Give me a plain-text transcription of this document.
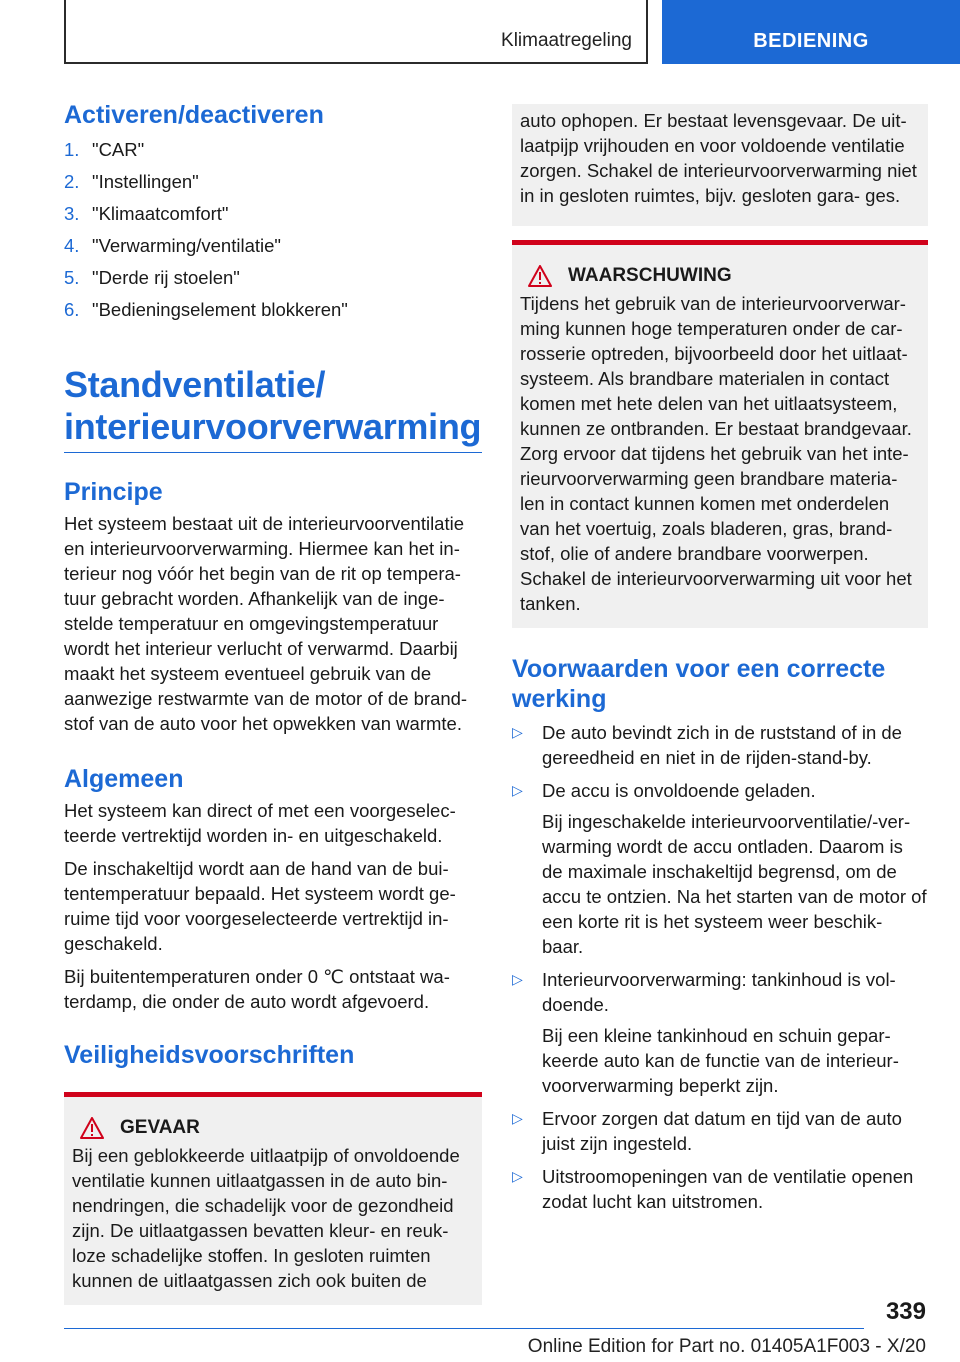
Klimaatregeling	BEDIENING
Activeren/deactiveren
1. "CAR"
2. "Instellingen"
3. "Klimaatcomfort"
4. "Verwarming/ventilatie"
5. "Derde rij stoelen"
6. "Bedieningselement blokkeren"
Standventilatie/
interieurvoorverwarming
Principe

Het systeem bestaat uit de interieurvoorventilatie en interieurvoorverwarming. Hiermee kan het in- terieur nog vóór het begin van de rit op tempera- tuur gebracht worden. Afhankelijk van de inge- stelde temperatuur en omgevingstemperatuur wordt het interieur verlucht of verwarmd. Daarbij maakt het systeem eventueel gebruik van de aanwezige restwarmte van de motor of de brand- stof van de auto voor het opwekken van warmte.

Algemeen

Het systeem kan direct of met een voorgeselec- teerde vertrektijd worden in- en uitgeschakeld.

De inschakeltijd wordt aan de hand van de bui- tentemperatuur bepaald. Het systeem wordt ge- ruime tijd voor voorgeselecteerde vertrektijd in- geschakeld.

Bij buitentemperaturen onder 0 ℃ ontstaat wa- terdamp, die onder de auto wordt afgevoerd.

Veiligheidsvoorschriften
GEVAAR

Bij een geblokkeerde uitlaatpijp of onvoldoende ventilatie kunnen uitlaatgassen in de auto bin- nendringen, die schadelijk voor de gezondheid zijn. De uitlaatgassen bevatten kleur- en reuk- loze schadelijke stoffen. In gesloten ruimten kunnen de uitlaatgassen zich ook buiten de

auto ophopen. Er bestaat levensgevaar. De uit- laatpijp vrijhouden en voor voldoende ventilatie zorgen. Schakel de interieurvoorverwarming niet in in gesloten ruimtes, bijv. gesloten gara- ges.

WAARSCHUWING

Tijdens het gebruik van de interieurvoorverwar- ming kunnen hoge temperaturen onder de car- rosserie optreden, bijvoorbeeld door het uitlaat- systeem. Als brandbare materialen in contact komen met hete delen van het uitlaatsysteem, kunnen ze ontbranden. Er bestaat brandgevaar. Zorg ervoor dat tijdens het gebruik van het inte- rieurvoorverwarming geen brandbare materia- len in contact kunnen komen met onderdelen van het voertuig, zoals bladeren, gras, brand- stof, olie of andere brandbare voorwerpen. Schakel de interieurvoorverwarming uit voor het tanken.

Voorwaarden voor een correcte werking
▷ De auto bevindt zich in de ruststand of in de gereedheid en niet in de rijden-stand-by.
▷ De accu is onvoldoende geladen.

Bij ingeschakelde interieurvoorventilatie/-ver- warming wordt de accu ontladen. Daarom is de maximale inschakeltijd begrensd, om de accu te ontzien. Na het starten van de motor of een korte rit is het systeem weer beschik- baar.

▷ Interieurvoorverwarming: tankinhoud is vol- doende.

Bij een kleine tankinhoud en schuin gepar- keerde auto kan de functie van de interieur- voorverwarming beperkt zijn.

▷ Ervoor zorgen dat datum en tijd van de auto juist zijn ingesteld.
▷ Uitstroomopeningen van de ventilatie openen zodat lucht kan uitstromen.
339
Online Edition for Part no. 01405A1F003 - X/20
